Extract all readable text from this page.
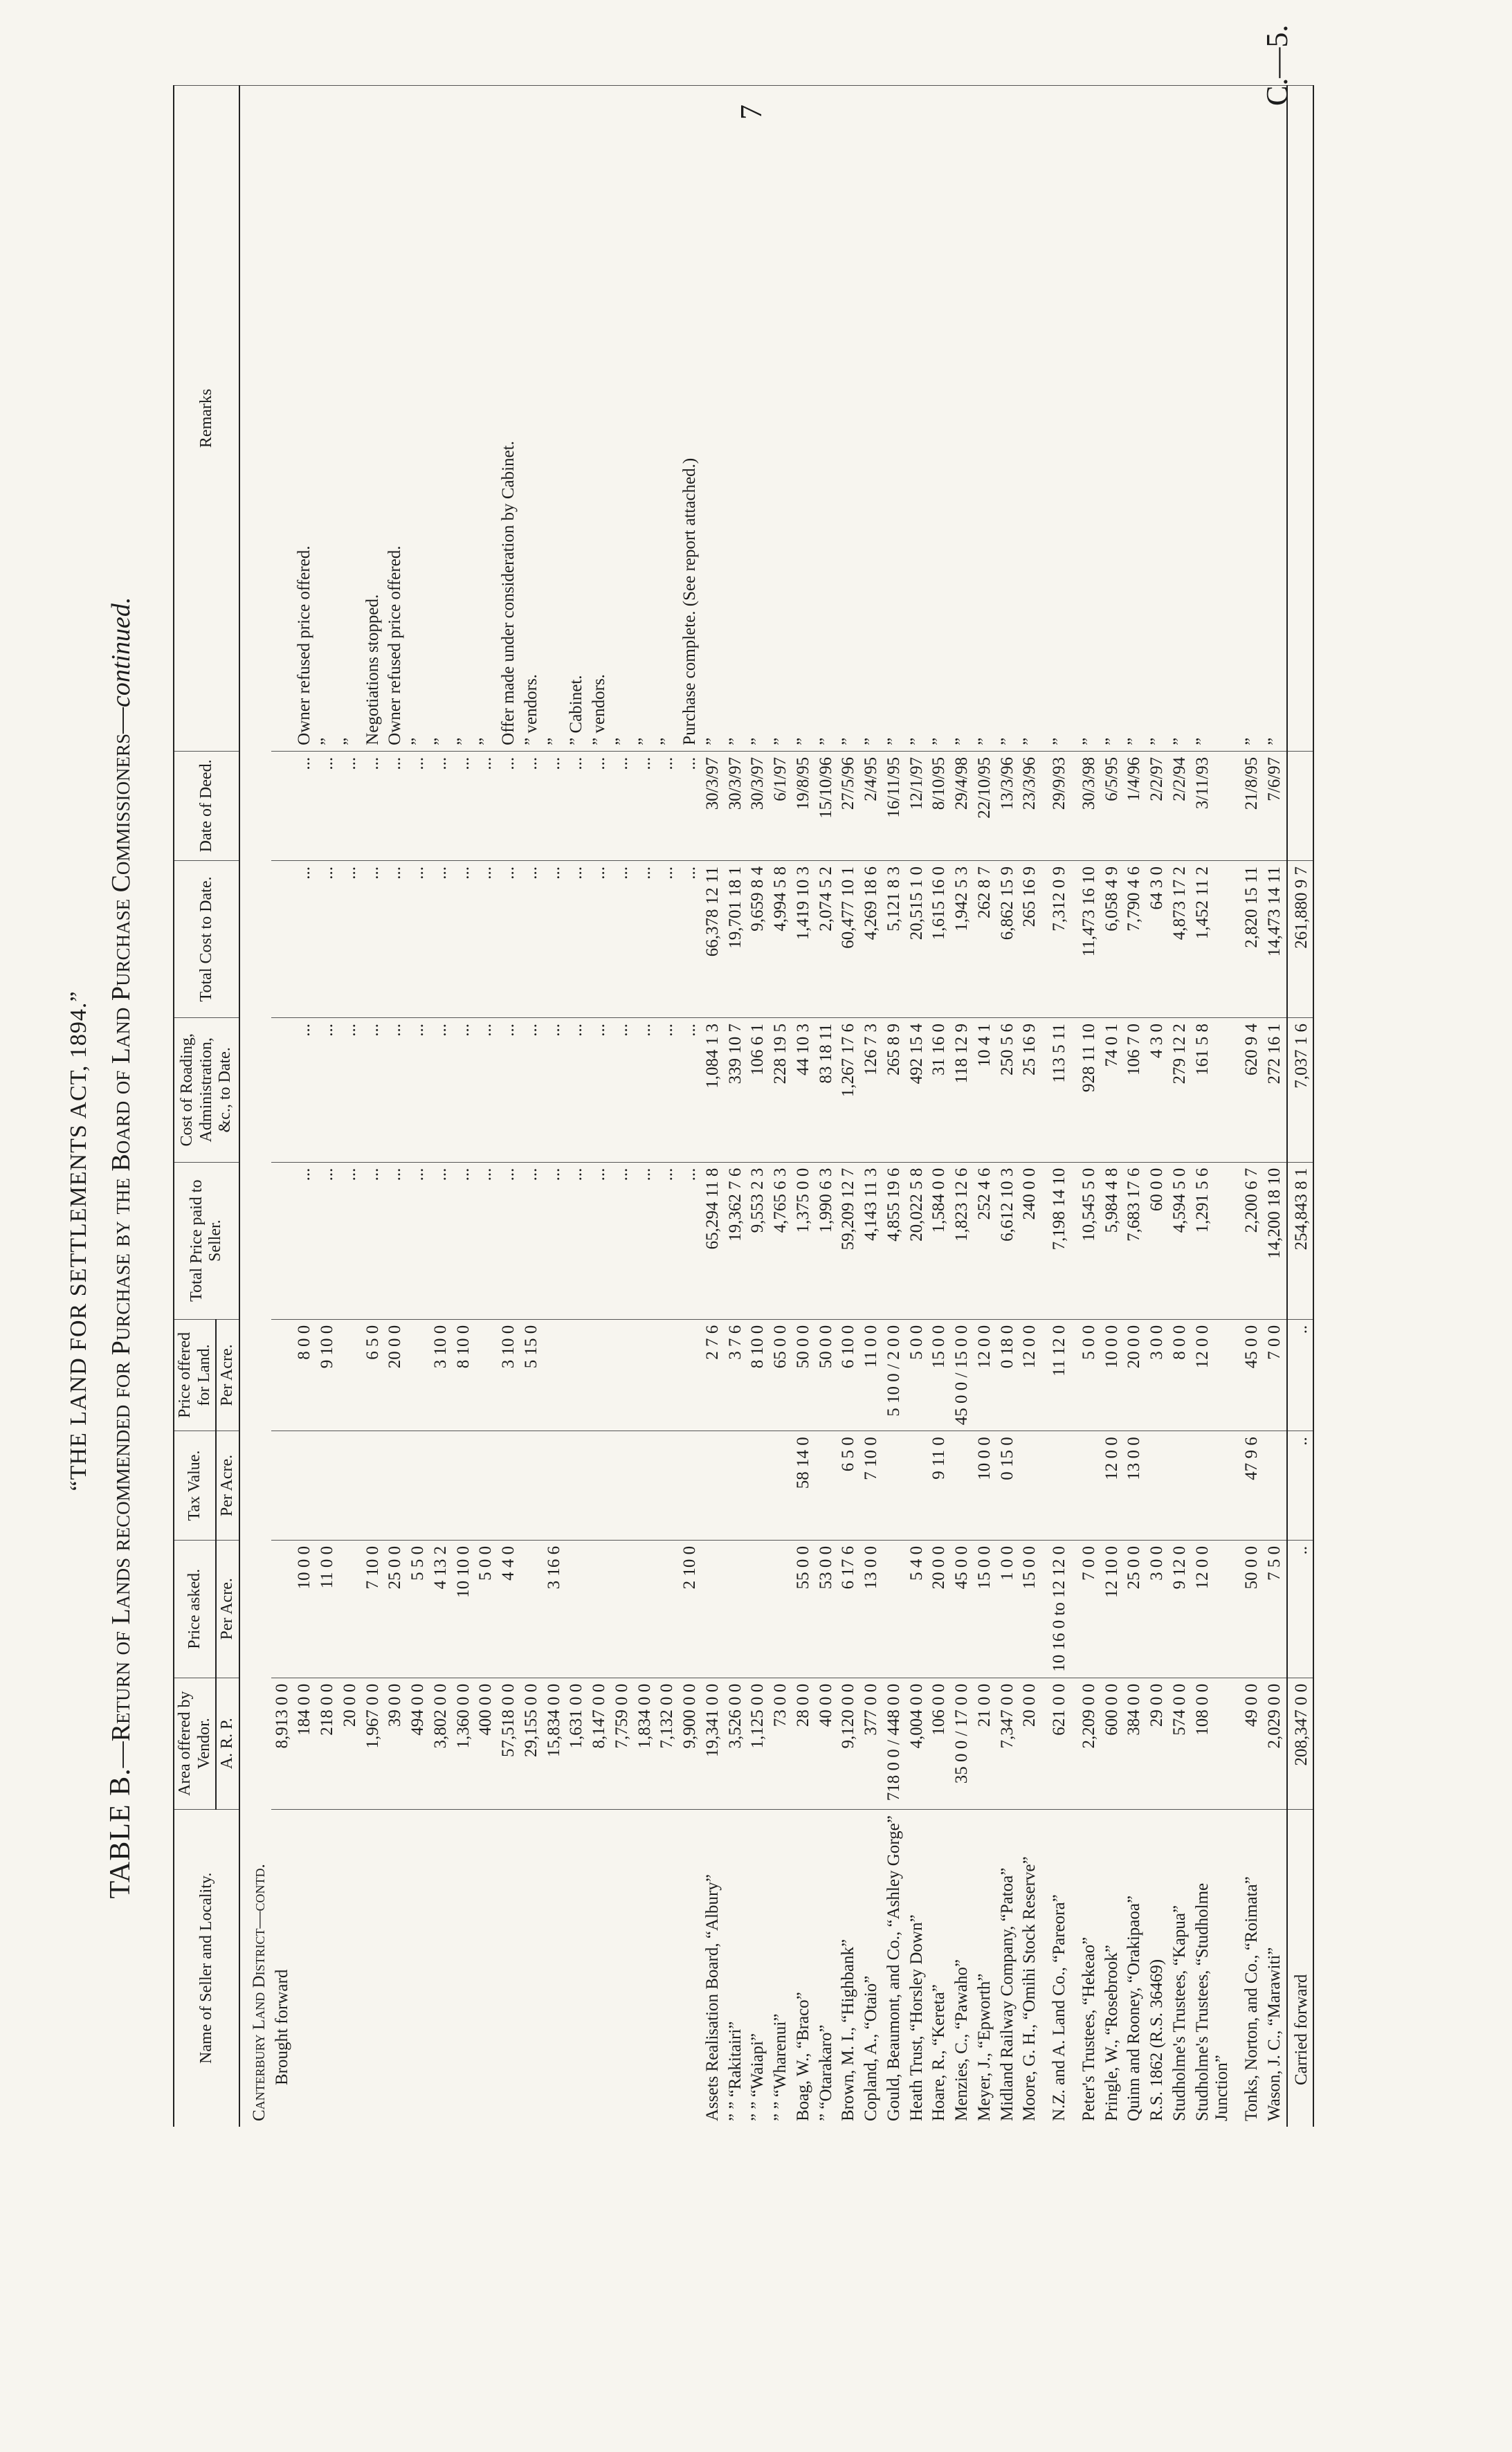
7
C.—5.
“THE LAND FOR SETTLEMENTS ACT, 1894.”
TABLE B.—Return of Lands recommended for Purchase by the Board of Land Purchase Commissioners—continued.
Name of Seller and Locality.	Area offered by Vendor.	Price asked.	Tax Value.	Price offered for Land.	Total Price paid to Seller.	Cost of Roading, Administration, &c., to Date.	Total Cost to Date.	Date of Deed.	Remarks
	A. R. P.	Per Acre.	Per Acre.	Per Acre.					
Canterbury Land District—contd.									
Brought forward	8,913 0 0								
	184 0 0	10 0 0		8 0 0	...	...	...	...	Owner refused price offered.
	218 0 0	11 0 0		9 10 0	...	...	...	...	”
	20 0 0				...	...	...	...	”
	1,967 0 0	7 10 0		6 5 0	...	...	...	...	Negotiations stopped.
	39 0 0	25 0 0		20 0 0	...	...	...	...	Owner refused price offered.
	494 0 0	5 5 0			...	...	...	...	”
	3,802 0 0	4 13 2		3 10 0	...	...	...	...	”
	1,360 0 0	10 10 0		8 10 0	...	...	...	...	”
	400 0 0	5 0 0			...	...	...	...	”
	57,518 0 0	4 4 0		3 10 0	...	...	...	...	Offer made under consideration by Cabinet.
	29,155 0 0			5 15 0	...	...	...	...	” vendors.
	15,834 0 0	3 16 6			...	...	...	...	”
	1,631 0 0				...	...	...	...	” Cabinet.
	8,147 0 0				...	...	...	...	” vendors.
	7,759 0 0				...	...	...	...	”
	1,834 0 0				...	...	...	...	”
	7,132 0 0				...	...	...	...	”
	9,900 0 0	2 10 0			...	...	...	...	Purchase complete. (See report attached.)
Assets Realisation Board, “Albury”	19,341 0 0			2 7 6	65,294 11 8	1,084 1 3	66,378 12 11	30/3/97	”
” ” “Rakitairi”	3,526 0 0			3 7 6	19,362 7 6	339 10 7	19,701 18 1	30/3/97	”
” ” “Waiapi”	1,125 0 0			8 10 0	9,553 2 3	106 6 1	9,659 8 4	30/3/97	”
” ” “Wharenui”	73 0 0			65 0 0	4,765 6 3	228 19 5	4,994 5 8	6/1/97	”
Boag, W., “Braco”	28 0 0	55 0 0	58 14 0	50 0 0	1,375 0 0	44 10 3	1,419 10 3	19/8/95	”
” “Otarakaro”	40 0 0	53 0 0		50 0 0	1,990 6 3	83 18 11	2,074 5 2	15/10/96	”
Brown, M. I., “Highbank”	9,120 0 0	6 17 6	6 5 0	6 10 0	59,209 12 7	1,267 17 6	60,477 10 1	27/5/96	”
Copland, A., “Otaio”	377 0 0	13 0 0	7 10 0	11 0 0	4,143 11 3	126 7 3	4,269 18 6	2/4/95	”
Gould, Beaumont, and Co., “Ashley Gorge”	718 0 0 / 448 0 0			5 10 0 / 2 0 0	4,855 19 6	265 8 9	5,121 8 3	16/11/95	”
Heath Trust, “Horsley Down”	4,004 0 0	5 4 0		5 0 0	20,022 5 8	492 15 4	20,515 1 0	12/1/97	”
Hoare, R., “Kereta”	106 0 0	20 0 0	9 11 0	15 0 0	1,584 0 0	31 16 0	1,615 16 0	8/10/95	”
Menzies, C., “Pawaho”	35 0 0 / 17 0 0	45 0 0		45 0 0 / 15 0 0	1,823 12 6	118 12 9	1,942 5 3	29/4/98	”
Meyer, J., “Epworth”	21 0 0	15 0 0	10 0 0	12 0 0	252 4 6	10 4 1	262 8 7	22/10/95	”
Midland Railway Company, “Patoa”	7,347 0 0	1 0 0	0 15 0	0 18 0	6,612 10 3	250 5 6	6,862 15 9	13/3/96	”
Moore, G. H., “Omihi Stock Reserve”	20 0 0	15 0 0		12 0 0	240 0 0	25 16 9	265 16 9	23/3/96	”
N.Z. and A. Land Co., “Pareora”	621 0 0	10 16 0 to 12 12 0		11 12 0	7,198 14 10	113 5 11	7,312 0 9	29/9/93	”
Peter's Trustees, “Hekeao”	2,209 0 0	7 0 0		5 0 0	10,545 5 0	928 11 10	11,473 16 10	30/3/98	”
Pringle, W., “Rosebrook”	600 0 0	12 10 0	12 0 0	10 0 0	5,984 4 8	74 0 1	6,058 4 9	6/5/95	”
Quinn and Rooney, “Orakipaoa”	384 0 0	25 0 0	13 0 0	20 0 0	7,683 17 6	106 7 0	7,790 4 6	1/4/96	”
R.S. 1862 (R.S. 36469)	29 0 0	3 0 0		3 0 0	60 0 0	4 3 0	64 3 0	2/2/97	”
Studholme's Trustees, “Kapua”	574 0 0	9 12 0		8 0 0	4,594 5 0	279 12 2	4,873 17 2	2/2/94	”
Studholme's Trustees, “Studholme Junction”	108 0 0	12 0 0		12 0 0	1,291 5 6	161 5 8	1,452 11 2	3/11/93	”
Tonks, Norton, and Co., “Roimata”	49 0 0	50 0 0	47 9 6	45 0 0	2,200 6 7	620 9 4	2,820 15 11	21/8/95	”
Wason, J. C., “Marawiti”	2,029 0 0	7 5 0		7 0 0	14,200 18 10	272 16 1	14,473 14 11	7/6/97	”
Carried forward	208,347 0 0	..	..	..	254,843 8 1	7,037 1 6	261,880 9 7		
